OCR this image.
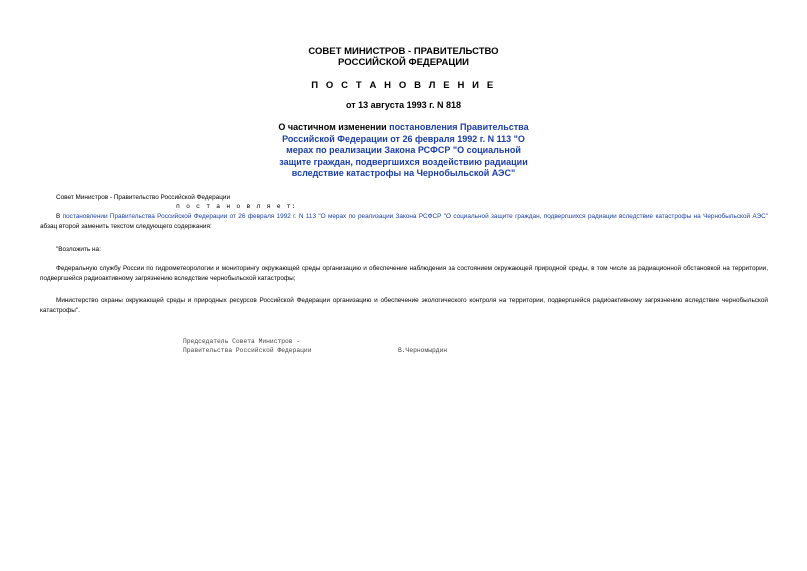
СОВЕТ МИНИСТРОВ - ПРАВИТЕЛЬСТВО
РОССИЙСКОЙ ФЕДЕРАЦИИ
П О С Т А Н О В Л Е Н И Е
от 13 августа 1993 г. N 818
О частичном изменении постановления Правительства Российской Федерации от 26 февраля 1992 г. N 113 "О мерах по реализации Закона РСФСР "О социальной защите граждан, подвергшихся воздействию радиации вследствие катастрофы на Чернобыльской АЭС"

Совет Министров - Правительство Российской Федерации

п о с т а н о в л я е т:

В постановлении Правительства Российской Федерации от 26 февраля 1992 г. N 113 "О мерах по реализации Закона РСФСР "О социальной защите граждан, подвергшихся радиации вследствие катастрофы на Чернобыльской АЭС" абзац второй заменить текстом следующего содержания:

"Возложить на:

Федеральную службу России по гидрометеорологии и мониторингу окружающей среды организацию и обеспечение наблюдения за состоянием окружающей природной среды, в том числе за радиационной обстановкой на территории, подвергшейся радиоактивному загрязнению вследствие чернобыльской катастрофы;

Министерство охраны окружающей среды и природных ресурсов Российской Федерации организацию и обеспечение экологического контроля на территории, подвергшейся радиоактивному загрязнению вследствие чернобыльской катастрофы".

Председатель Совета Министров -
Правительства Российской Федерации	В.Черномырдин
